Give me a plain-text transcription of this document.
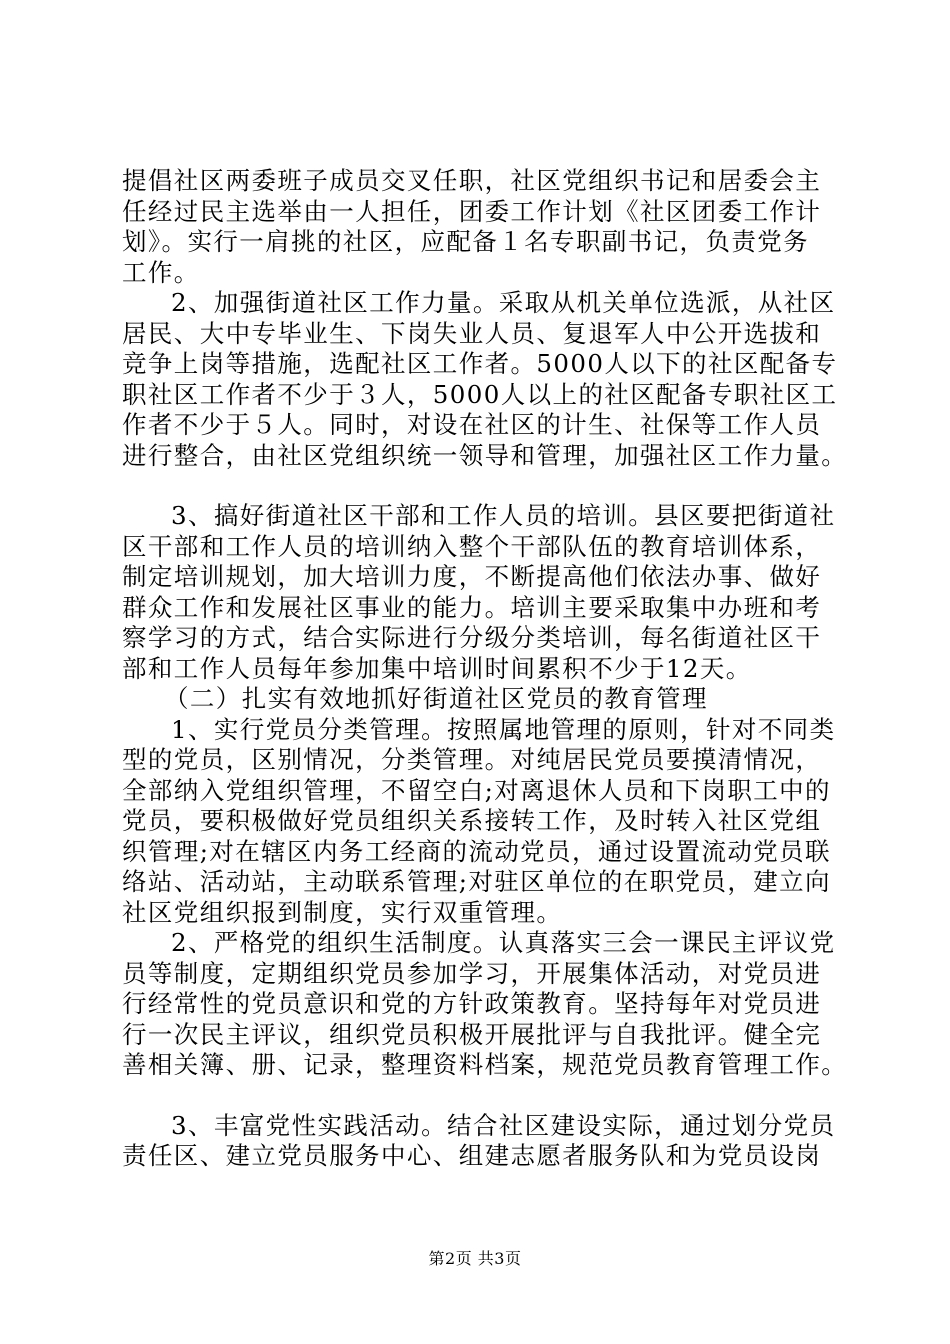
提倡社区两委班子成员交叉任职，社区党组织书记和居委会主
任经过民主选举由一人担任，团委工作计划《社区团委工作计
划》。实行一肩挑的社区，应配备１名专职副书记，负责党务
工作。
2、加强街道社区工作力量。采取从机关单位选派，从社区
居民、大中专毕业生、下岗失业人员、复退军人中公开选拔和
竞争上岗等措施，选配社区工作者。5000人以下的社区配备专
职社区工作者不少于３人，5000人以上的社区配备专职社区工
作者不少于５人。同时，对设在社区的计生、社保等工作人员
进行整合，由社区党组织统一领导和管理，加强社区工作力量。
3、搞好街道社区干部和工作人员的培训。县区要把街道社
区干部和工作人员的培训纳入整个干部队伍的教育培训体系，
制定培训规划，加大培训力度，不断提高他们依法办事、做好
群众工作和发展社区事业的能力。培训主要采取集中办班和考
察学习的方式，结合实际进行分级分类培训，每名街道社区干
部和工作人员每年参加集中培训时间累积不少于12天。
（二）扎实有效地抓好街道社区党员的教育管理
1、实行党员分类管理。按照属地管理的原则，针对不同类
型的党员，区别情况，分类管理。对纯居民党员要摸清情况，
全部纳入党组织管理，不留空白;对离退休人员和下岗职工中的
党员，要积极做好党员组织关系接转工作，及时转入社区党组
织管理;对在辖区内务工经商的流动党员，通过设置流动党员联
络站、活动站，主动联系管理;对驻区单位的在职党员，建立向
社区党组织报到制度，实行双重管理。
2、严格党的组织生活制度。认真落实三会一课民主评议党
员等制度，定期组织党员参加学习，开展集体活动，对党员进
行经常性的党员意识和党的方针政策教育。坚持每年对党员进
行一次民主评议，组织党员积极开展批评与自我批评。健全完
善相关簿、册、记录，整理资料档案，规范党员教育管理工作。
3、丰富党性实践活动。结合社区建设实际，通过划分党员
责任区、建立党员服务中心、组建志愿者服务队和为党员设岗
第2页 共3页
